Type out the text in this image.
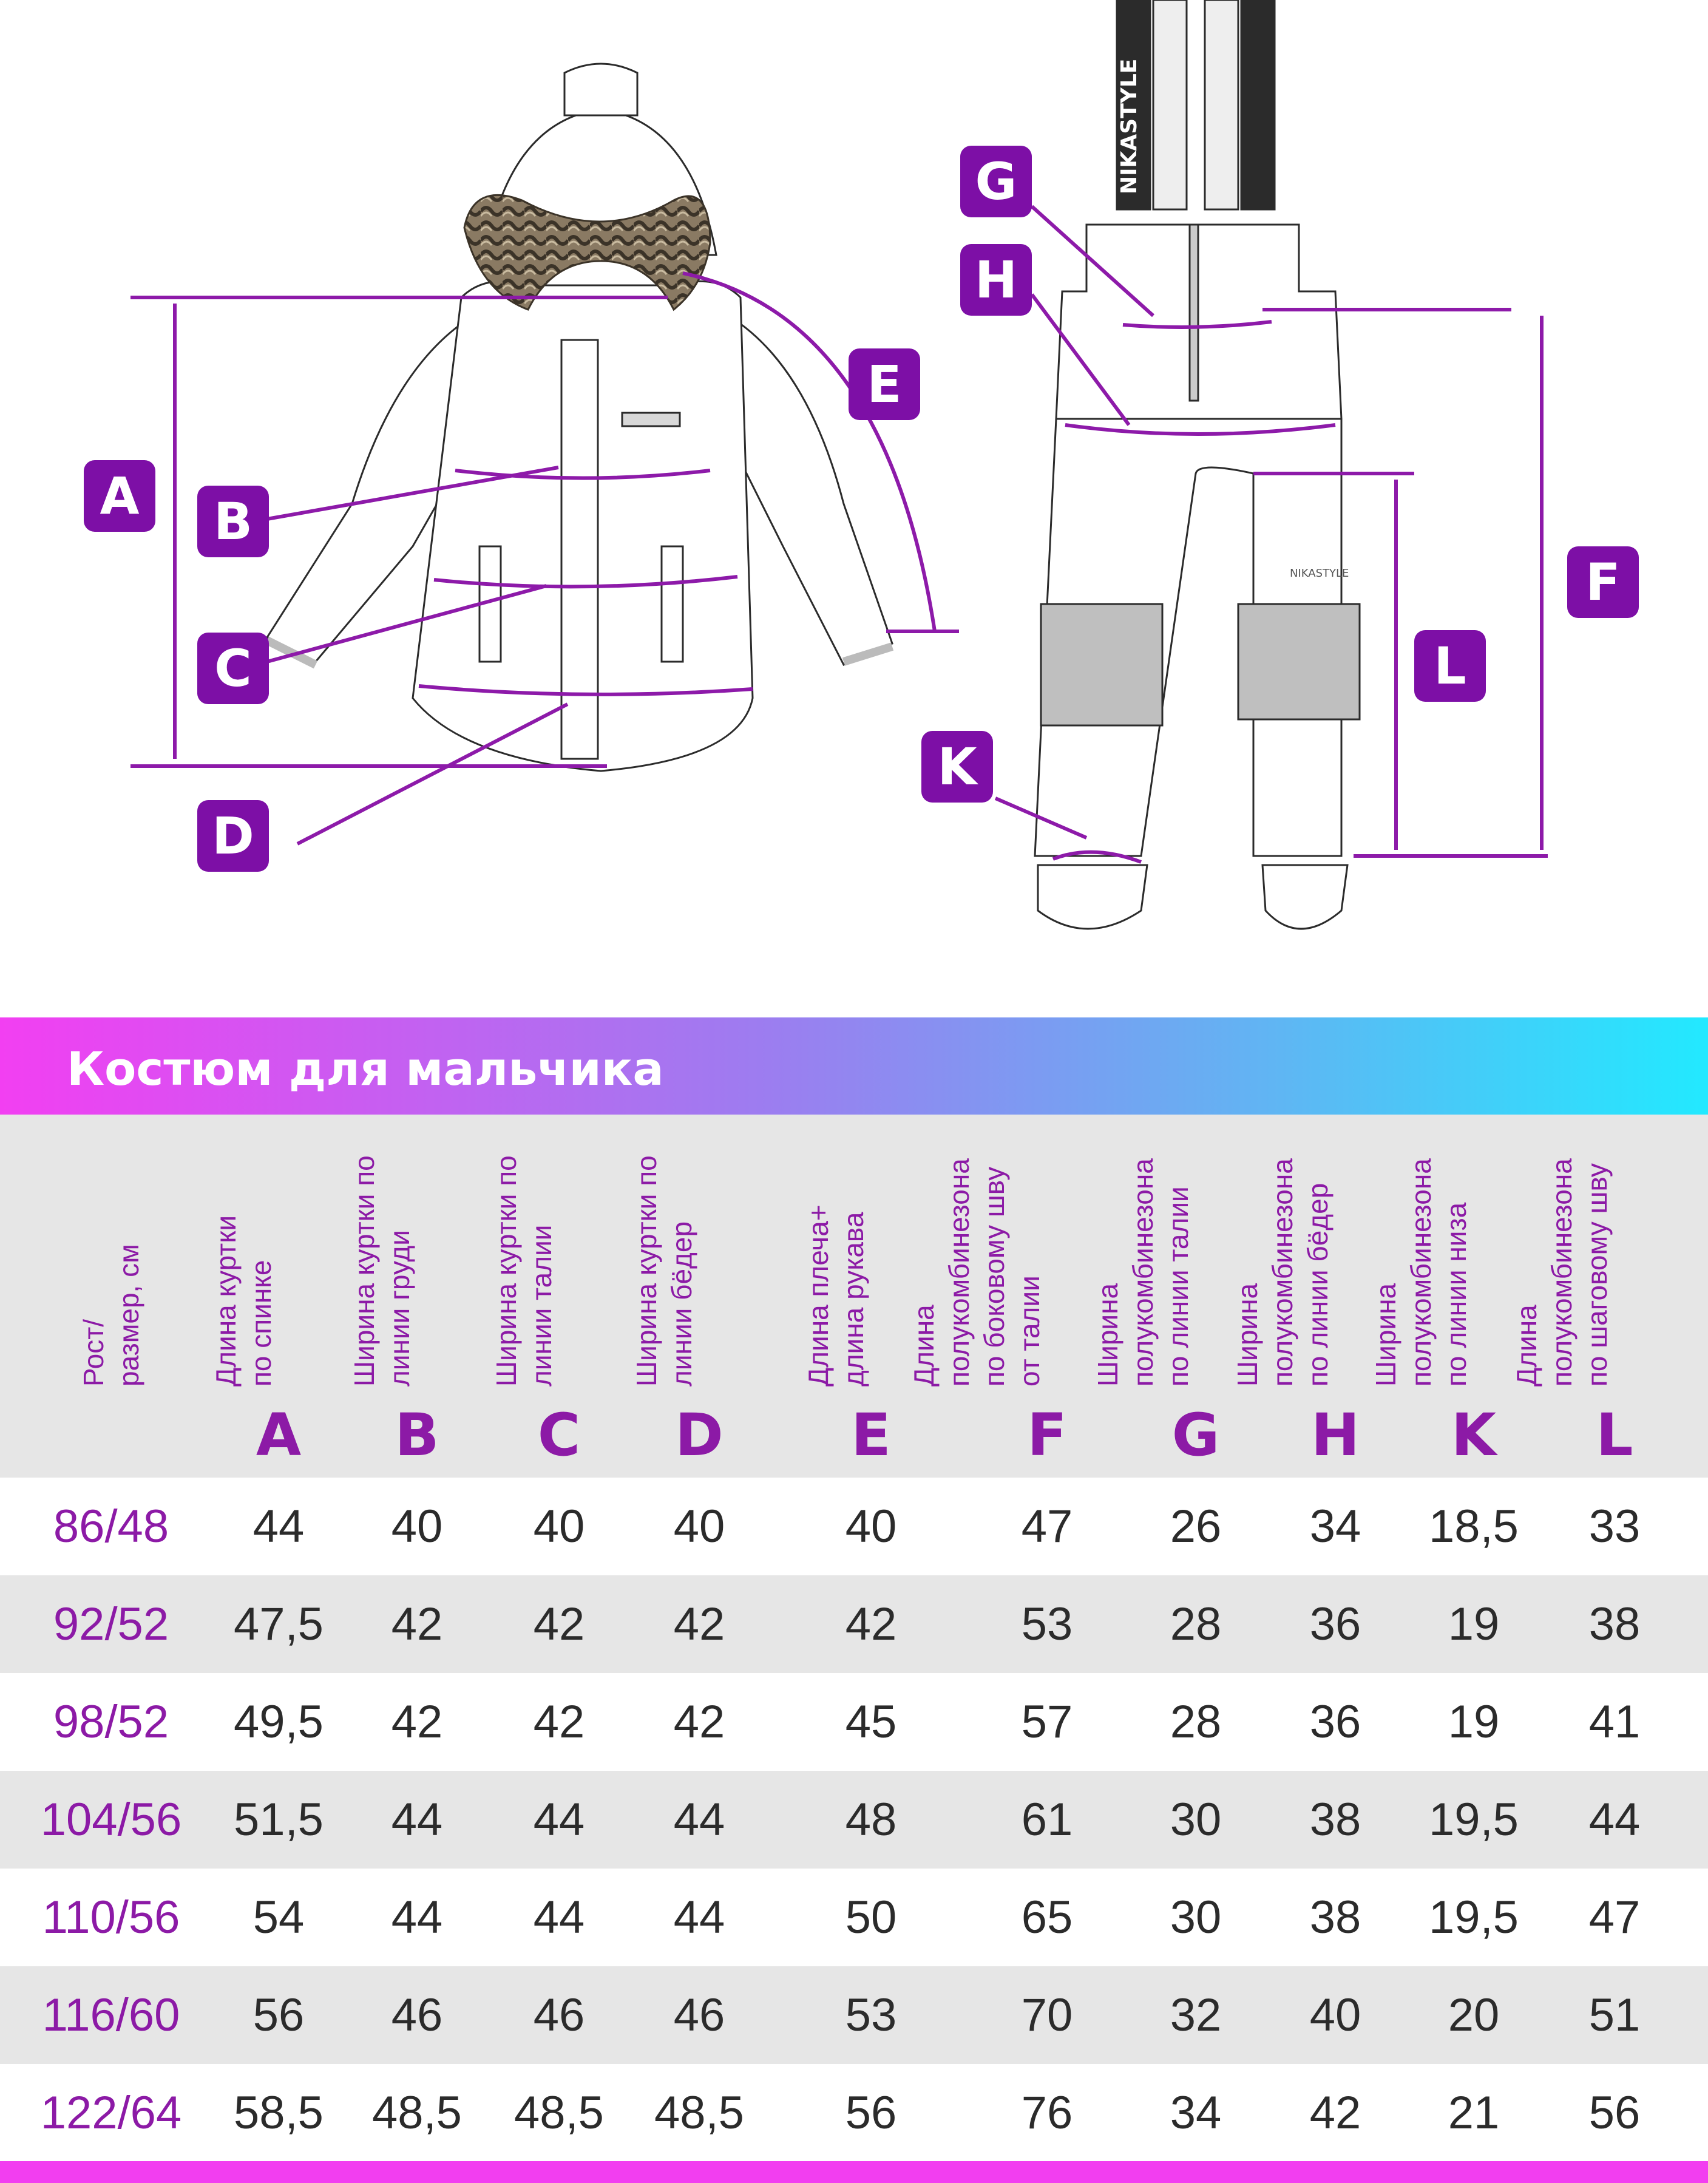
NIKASTYLE	NIKASTYLE
NIKASTYLE
A	B
C
D
E
F
G
H
K
L
Костюм для мальчика
Рост/ размер, см Длина куртки по спинке
A
Ширина куртки по линии груди
B
Ширина куртки по линии талии
C
Ширина куртки по линии бёдер
D
Длина плеча+ длина рукава
E
Длина полукомбинезона по боковому шву от талии
F
Ширина полукомбинезона по линии талии
G
Ширина полукомбинезона по линии бёдер
H
Ширина полукомбинезона по линии низа
K
Длина полукомбинезона по шаговому шву
L
86/48	44	40	40	40	40	47	26	34	18,5	33
92/52	47,5	42	42	42	42	53	28	36	19	38
98/52	49,5	42	42	42	45	57	28	36	19	41
104/56	51,5	44	44	44	48	61	30	38	19,5	44
110/56	54	44	44	44	50	65	30	38	19,5	47
116/60	56	46	46	46	53	70	32	40	20	51
122/64	58,5	48,5	48,5	48,5	56	76	34	42	21	56
